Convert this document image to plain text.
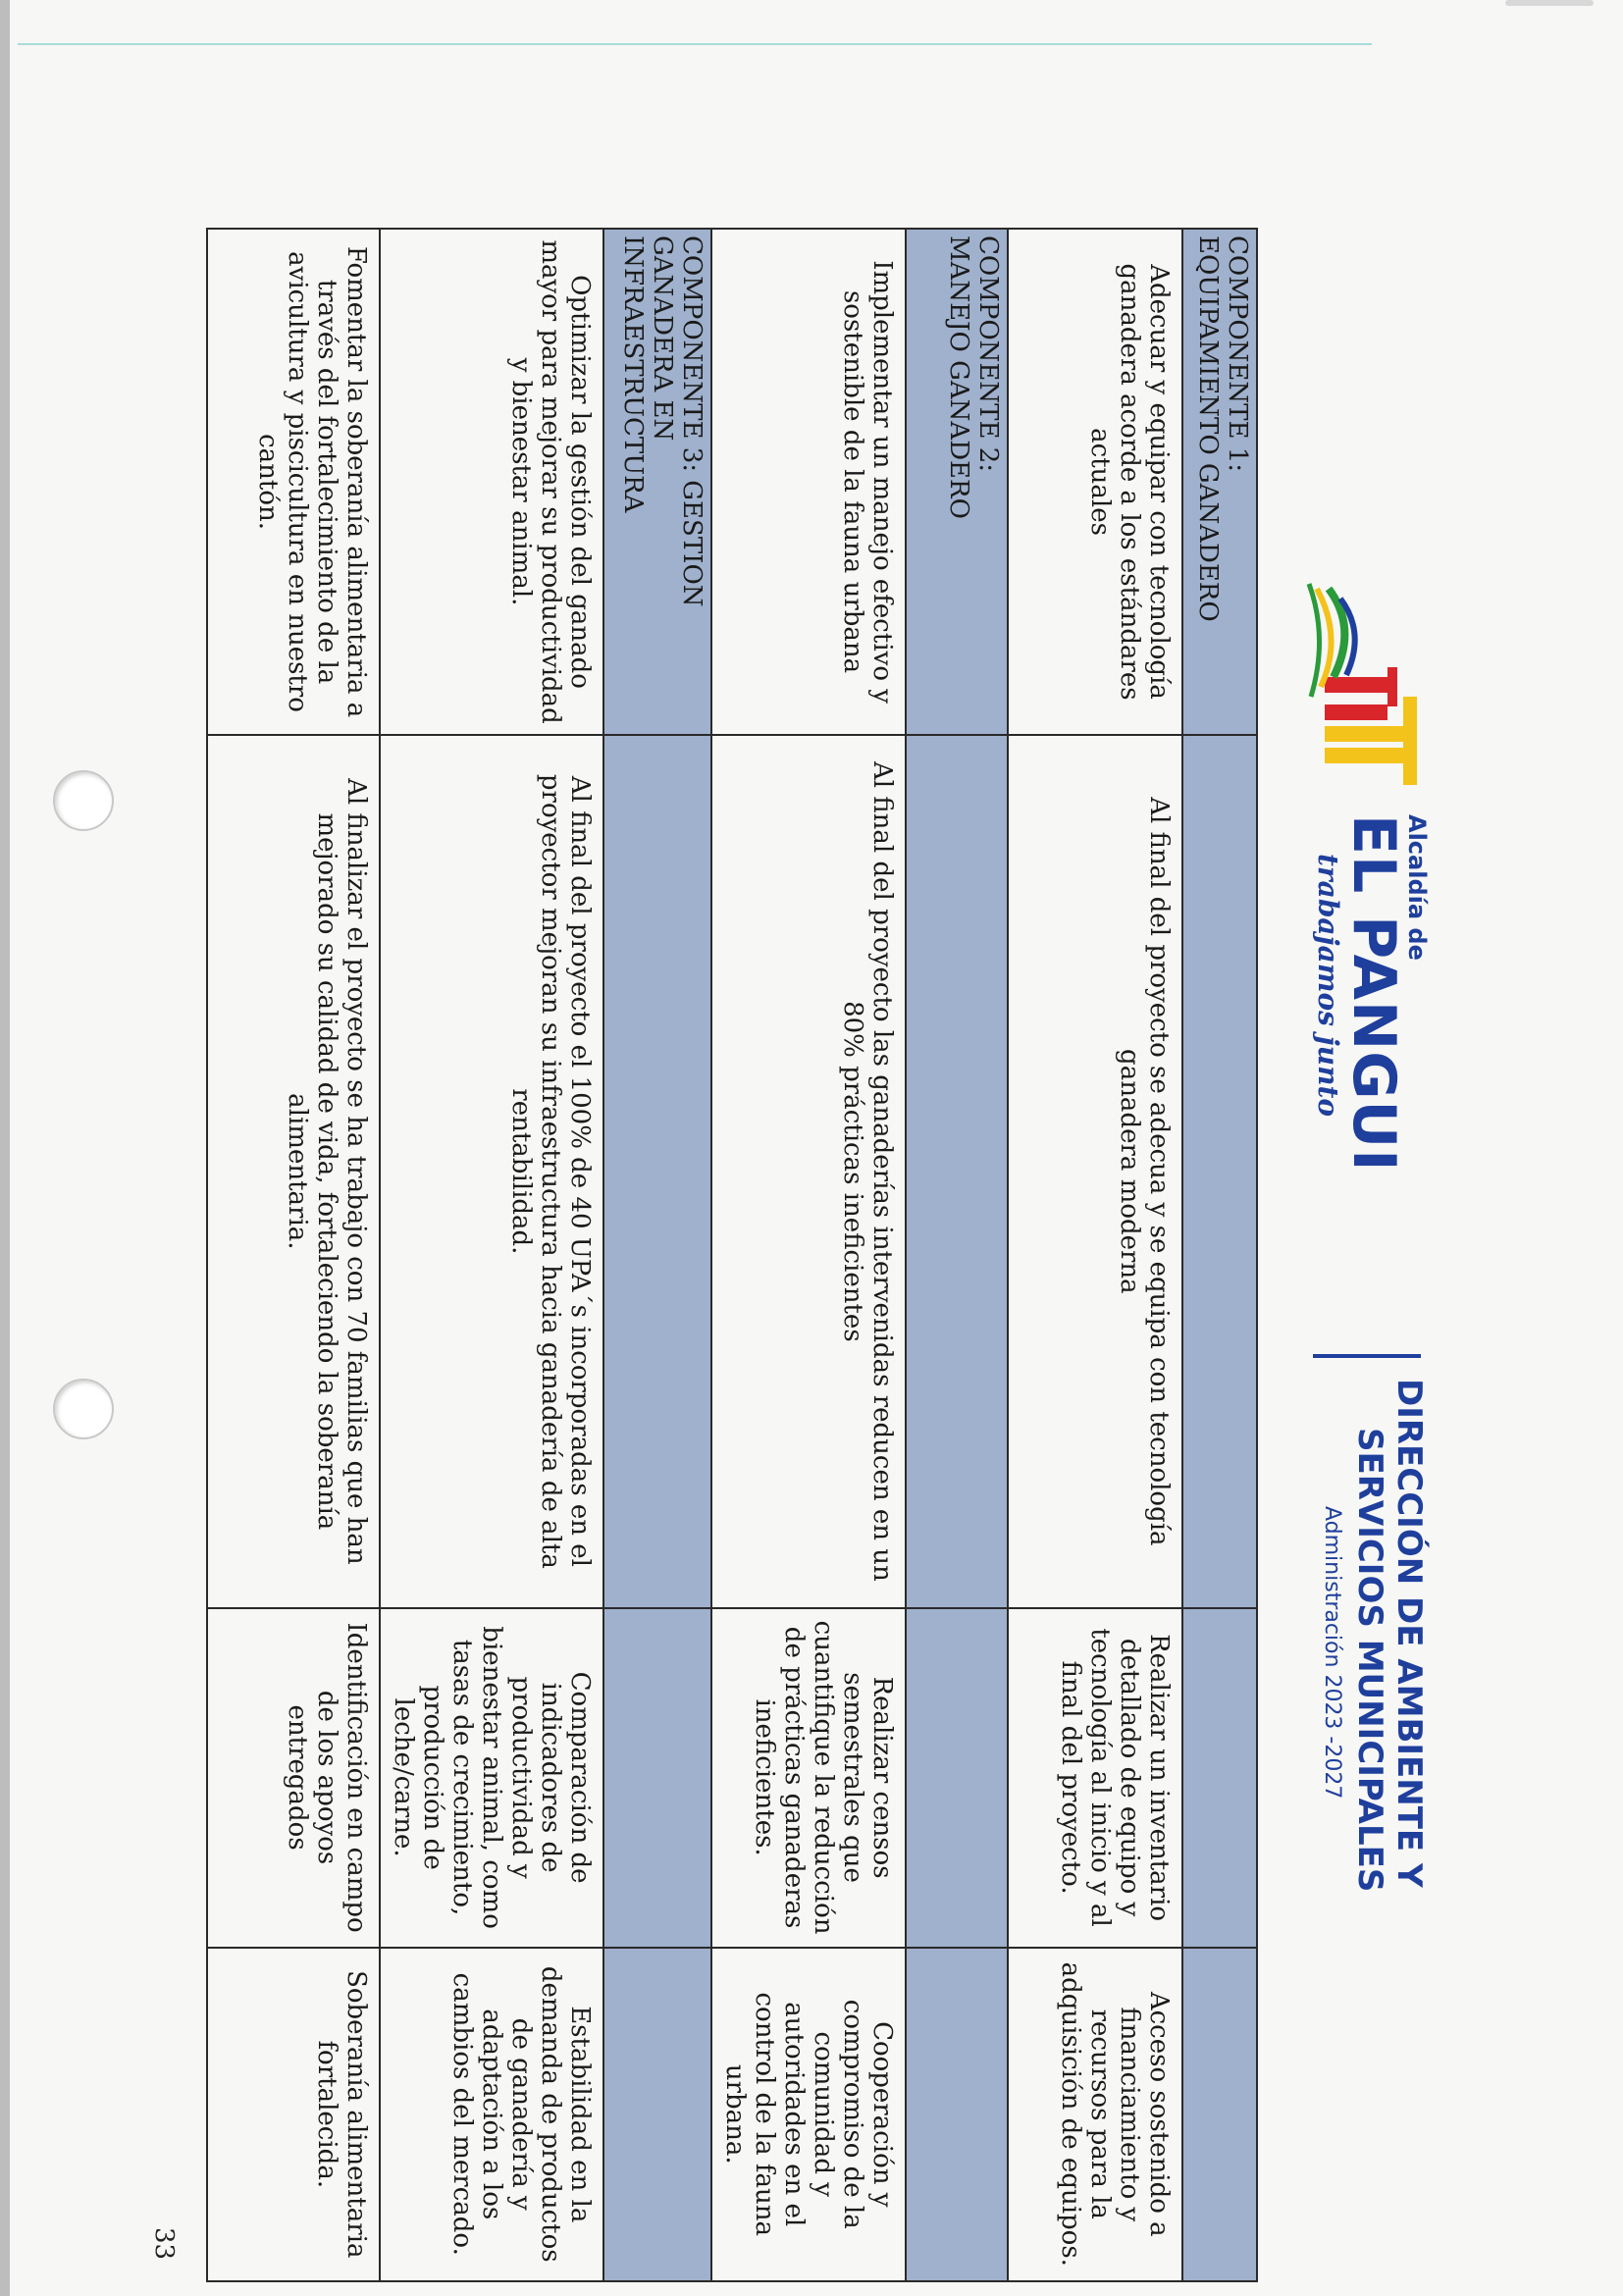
Alcaldía de
EL PANGUI
trabajamos junto
DIRECCIÓN DE AMBIENTE Y
SERVICIOS MUNICIPALES
Administración 2023 -2027
COMPONENTE 1:
EQUIPAMIENTO GANADERO			

Adecuar y equipar con tecnología ganadera acorde a los estándares actuales	Al final del proyecto se adecua y se equipa con tecnología ganadera moderna	Realizar un inventario detallado de equipo y tecnología al inicio y al final del proyecto.	Acceso sostenido a financiamiento y recursos para la adquisición de equipos.

COMPONENTE 2:
MANEJO GANADERO			

Implementar un manejo efectivo y sostenible de la fauna urbana	Al final del proyecto las ganaderías intervenidas reducen en un 80% prácticas ineficientes	Realizar censos semestrales que cuantifique la reducción de prácticas ganaderas ineficientes.	Cooperación y compromiso de la comunidad y autoridades en el control de la fauna urbana.

COMPONENTE 3: GESTION
GANADERA EN
INFRAESTRUCTURA			

Optimizar la gestión del ganado mayor para mejorar su productividad y bienestar animal.	Al final del proyecto el 100% de 40 UPA´s incorporadas en el proyector mejoran su infraestructura hacia ganadería de alta rentabilidad.	Comparación de indicadores de productividad y bienestar animal, como tasas de crecimiento, producción de leche/carne.	Estabilidad en la demanda de productos de ganadería y adaptación a los cambios del mercado.
Fomentar la soberanía alimentaria a través del fortalecimiento de la avicultura y piscicultura en nuestro cantón.	Al finalizar el proyecto se ha trabajo con 70 familias que han mejorado su calidad de vida, fortaleciendo la soberanía alimentaria.	Identificación en campo de los apoyos entregados	Soberanía alimentaria fortalecida.
33
